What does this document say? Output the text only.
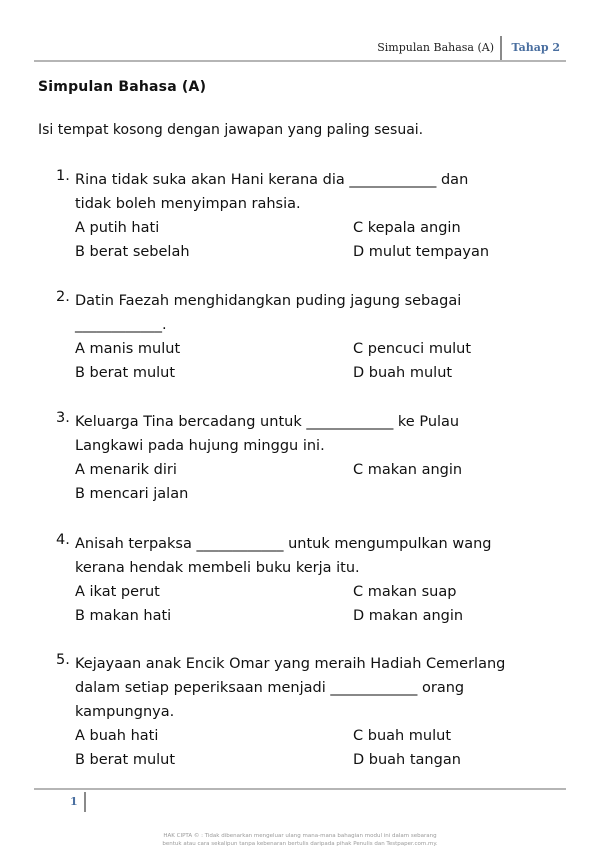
Simpulan Bahasa (A) Tahap 2
Simpulan Bahasa (A)
Isi tempat kosong dengan jawapan yang paling sesuai.
1. Rina tidak suka akan Hani kerana dia ____________ dan
tidak boleh menyimpan rahsia.
A putih hati	C kepala angin
B berat sebelah	D mulut tempayan
2. Datin Faezah menghidangkan puding jagung sebagai
____________.
A manis mulut	C pencuci mulut
B berat mulut	D buah mulut
3. Keluarga Tina bercadang untuk ____________ ke Pulau
Langkawi pada hujung minggu ini.
A menarik diri	C makan angin
B mencari jalan
4. Anisah terpaksa ____________ untuk mengumpulkan wang
kerana hendak membeli buku kerja itu.
A ikat perut	C makan suap
B makan hati	D makan angin
5. Kejayaan anak Encik Omar yang meraih Hadiah Cemerlang
dalam setiap peperiksaan menjadi ____________ orang
kampungnya.
A buah hati	C buah mulut
B berat mulut	D buah tangan
1
HAK CIPTA © : Tidak dibenarkan mengeluar ulang mana-mana bahagian modul ini dalam sebarang
bentuk atau cara sekalipun tanpa kebenaran bertulis daripada pihak Penulis dan Testpaper.com.my.
